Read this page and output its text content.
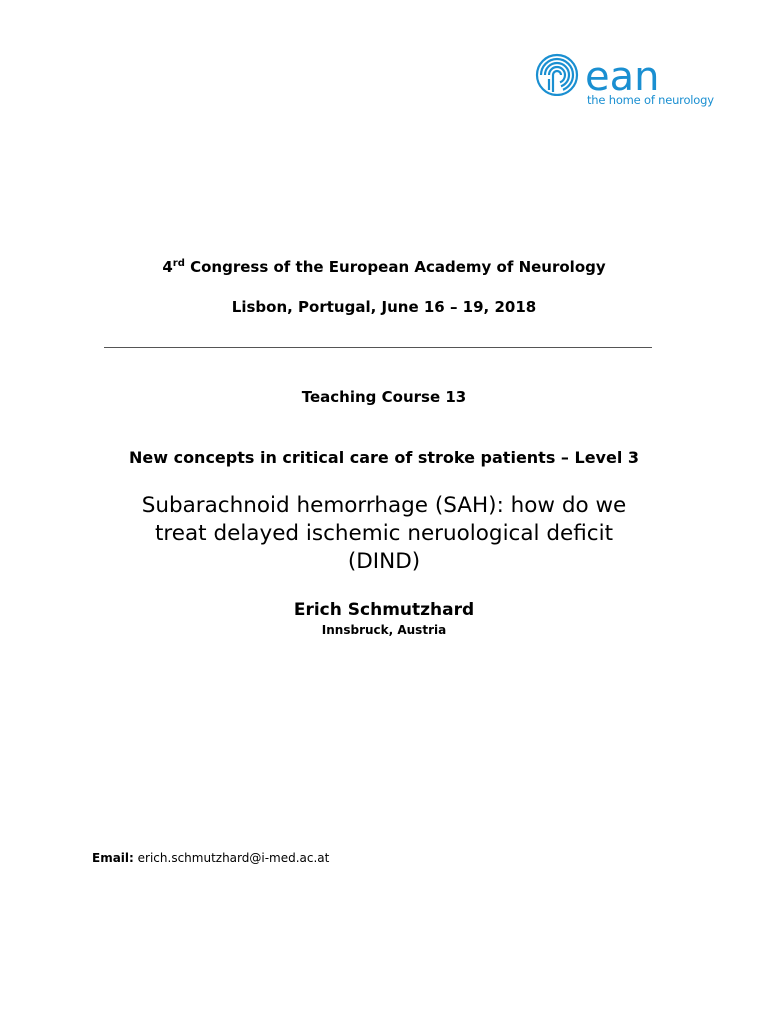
ean
the home of neurology
4rd Congress of the European Academy of Neurology
Lisbon, Portugal, June 16 – 19, 2018
Teaching Course 13
New concepts in critical care of stroke patients – Level 3
Subarachnoid hemorrhage (SAH): how do we
treat delayed ischemic neruological deficit
(DIND)
Erich Schmutzhard
Innsbruck, Austria
Email: erich.schmutzhard@i-med.ac.at
